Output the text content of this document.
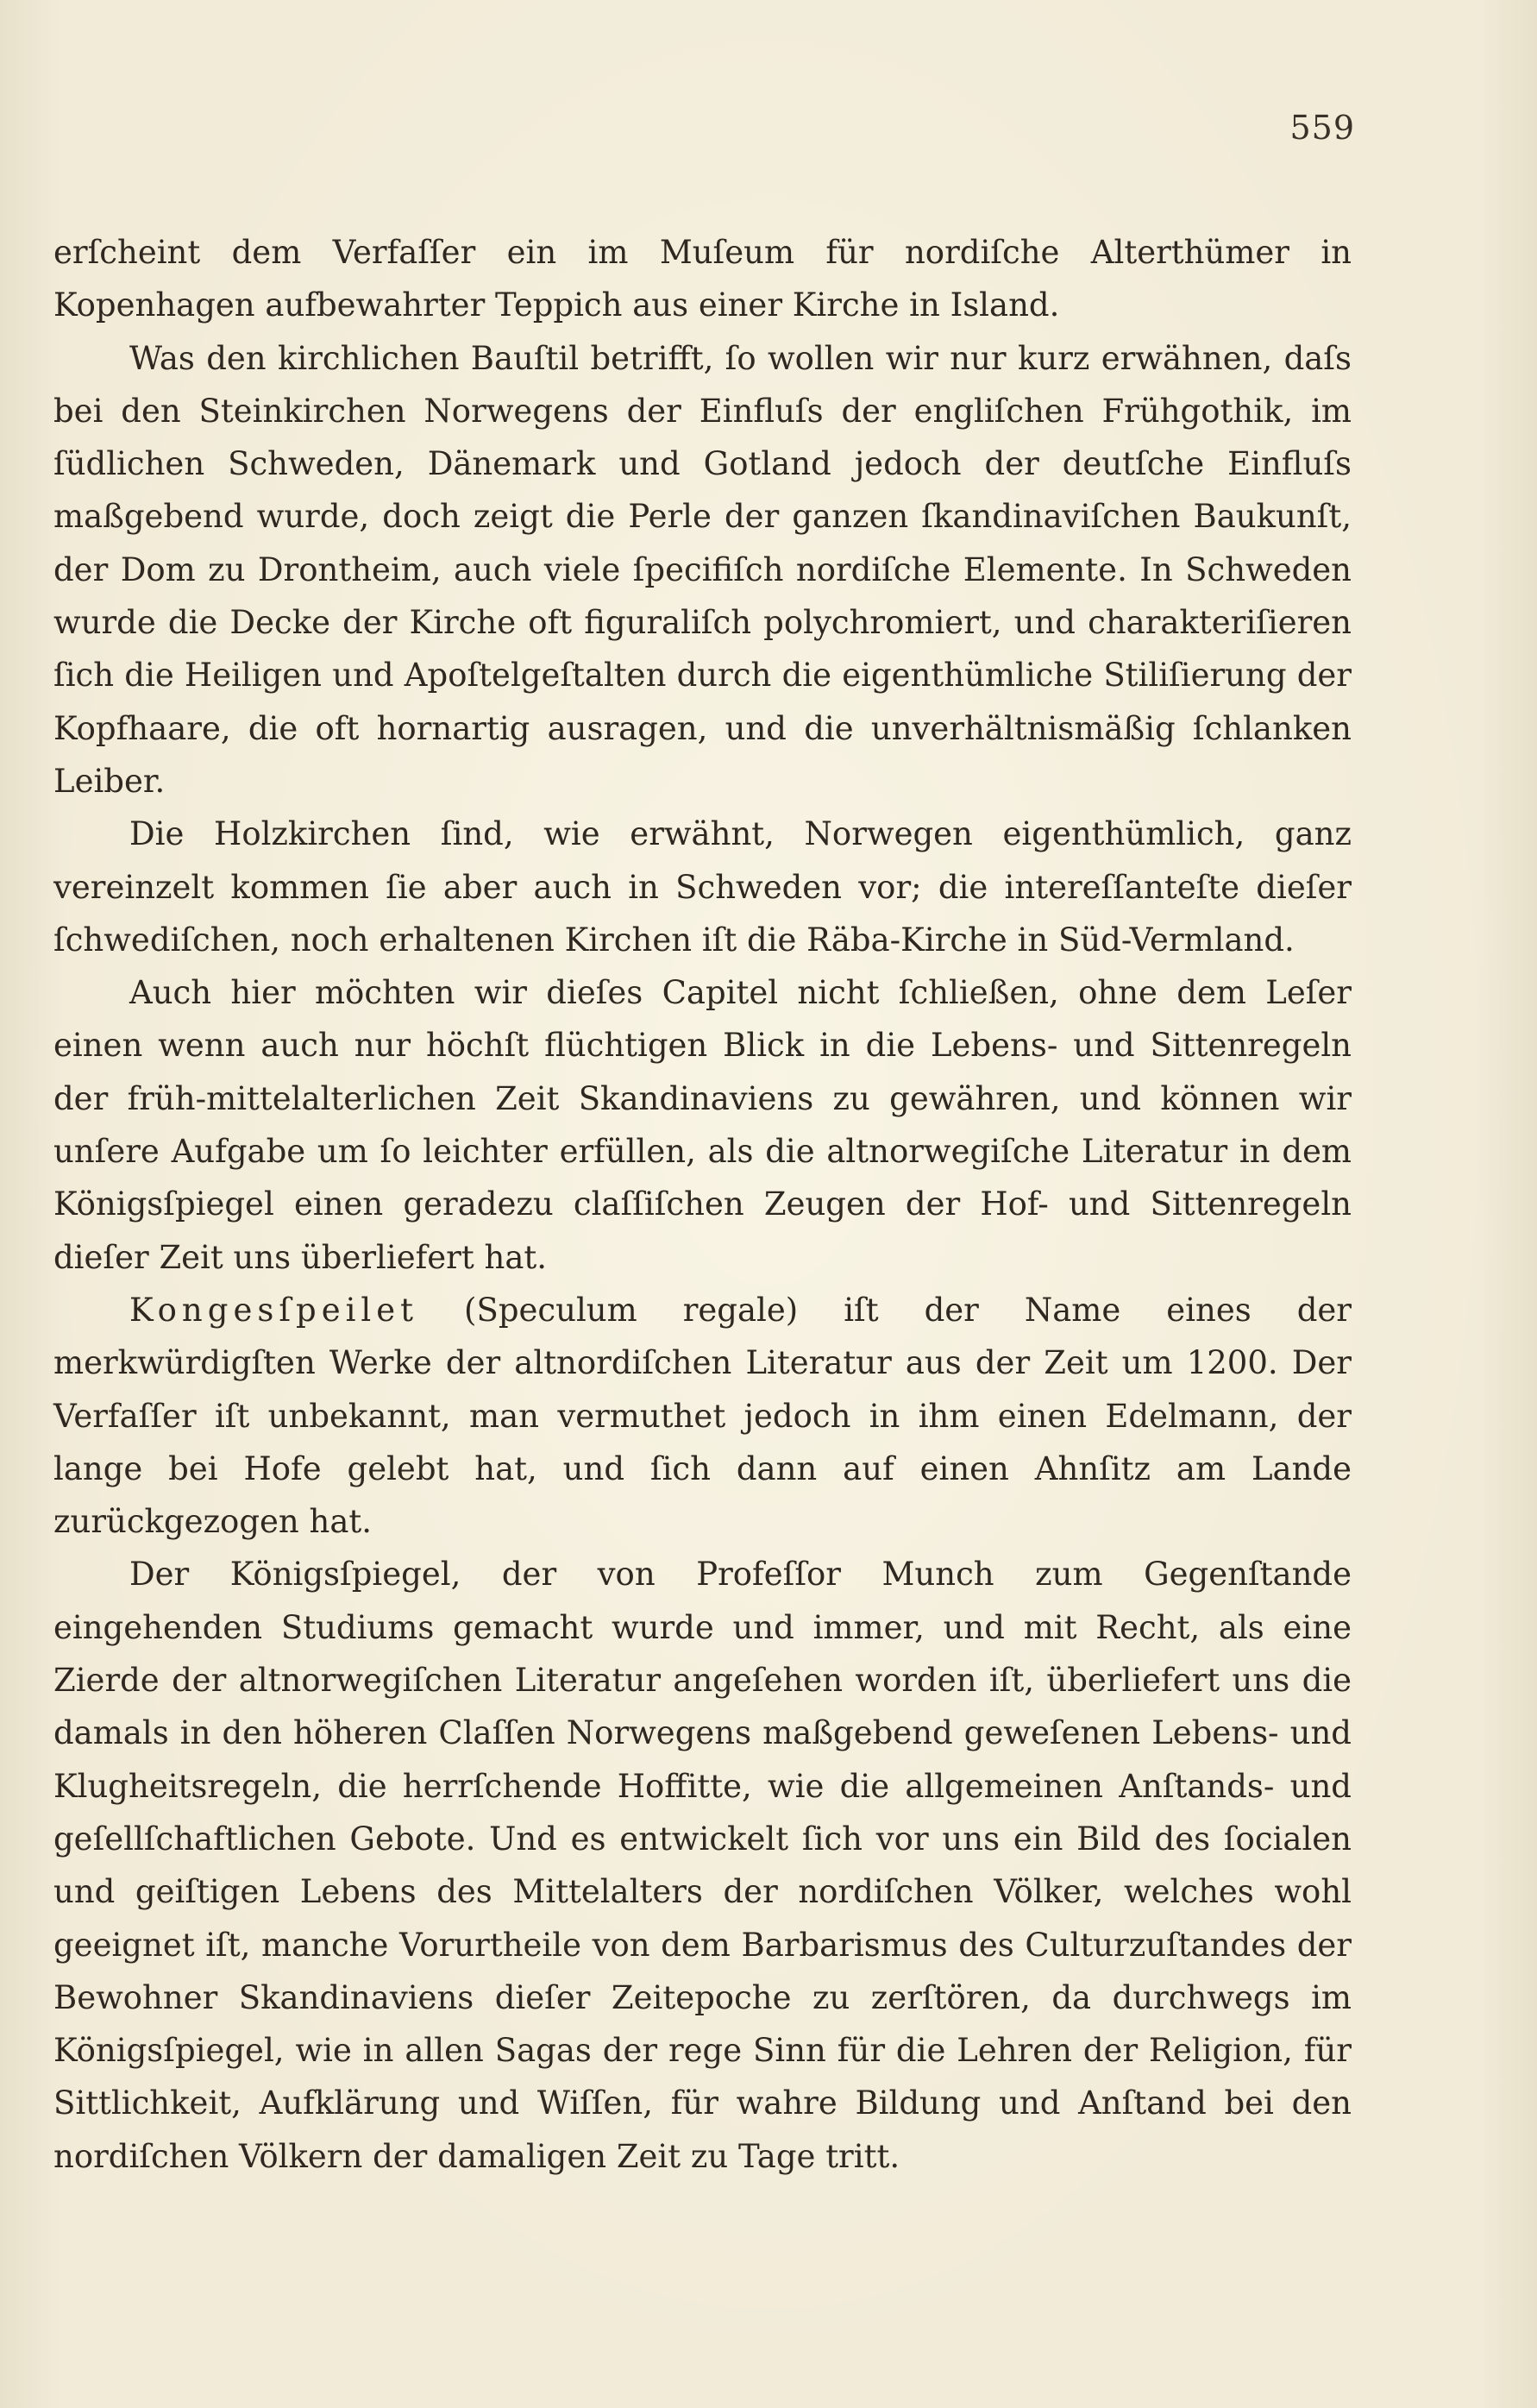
559

erſcheint dem Verfaſſer ein im Muſeum für nordiſche Alterthümer in Kopenhagen aufbewahrter Teppich aus einer Kirche in Island.

Was den kirchlichen Bauſtil betrifft, ſo wollen wir nur kurz erwähnen, daſs bei den Steinkirchen Norwegens der Einfluſs der engliſchen Frühgothik, im ſüdlichen Schweden, Dänemark und Gotland jedoch der deutſche Einfluſs maßgebend wurde, doch zeigt die Perle der ganzen ſkandinaviſchen Baukunſt, der Dom zu Drontheim, auch viele ſpecifiſch nordiſche Elemente. In Schweden wurde die Decke der Kirche oft figuraliſch polychromiert, und charakteriſieren ſich die Heiligen und Apoſtelgeſtalten durch die eigenthümliche Stiliſierung der Kopfhaare, die oft hornartig ausragen, und die unverhältnismäßig ſchlanken Leiber.

Die Holzkirchen ſind, wie erwähnt, Norwegen eigenthümlich, ganz vereinzelt kommen ſie aber auch in Schweden vor; die intereſſanteſte dieſer ſchwediſchen, noch erhaltenen Kirchen iſt die Räba-Kirche in Süd-Vermland.

Auch hier möchten wir dieſes Capitel nicht ſchließen, ohne dem Leſer einen wenn auch nur höchſt flüchtigen Blick in die Lebens- und Sittenregeln der früh-mittelalterlichen Zeit Skandinaviens zu gewähren, und können wir unſere Aufgabe um ſo leichter erfüllen, als die altnorwegiſche Literatur in dem Königsſpiegel einen geradezu claſſiſchen Zeugen der Hof- und Sittenregeln dieſer Zeit uns überliefert hat.

Kongesſpeilet (Speculum regale) iſt der Name eines der merkwürdigſten Werke der altnordiſchen Literatur aus der Zeit um 1200. Der Verfaſſer iſt unbekannt, man vermuthet jedoch in ihm einen Edelmann, der lange bei Hofe gelebt hat, und ſich dann auf einen Ahnſitz am Lande zurückgezogen hat.

Der Königsſpiegel, der von Profeſſor Munch zum Gegenſtande eingehenden Studiums gemacht wurde und immer, und mit Recht, als eine Zierde der altnorwegiſchen Literatur angeſehen worden iſt, überliefert uns die damals in den höheren Claſſen Norwegens maßgebend geweſenen Lebens- und Klugheitsregeln, die herrſchende Hoffitte, wie die allgemeinen Anſtands- und geſellſchaftlichen Gebote. Und es entwickelt ſich vor uns ein Bild des ſocialen und geiſtigen Lebens des Mittelalters der nordiſchen Völker, welches wohl geeignet iſt, manche Vorurtheile von dem Barbarismus des Culturzuſtandes der Bewohner Skandinaviens dieſer Zeitepoche zu zerſtören, da durchwegs im Königsſpiegel, wie in allen Sagas der rege Sinn für die Lehren der Religion, für Sittlichkeit, Aufklärung und Wiſſen, für wahre Bildung und Anſtand bei den nordiſchen Völkern der damaligen Zeit zu Tage tritt.
